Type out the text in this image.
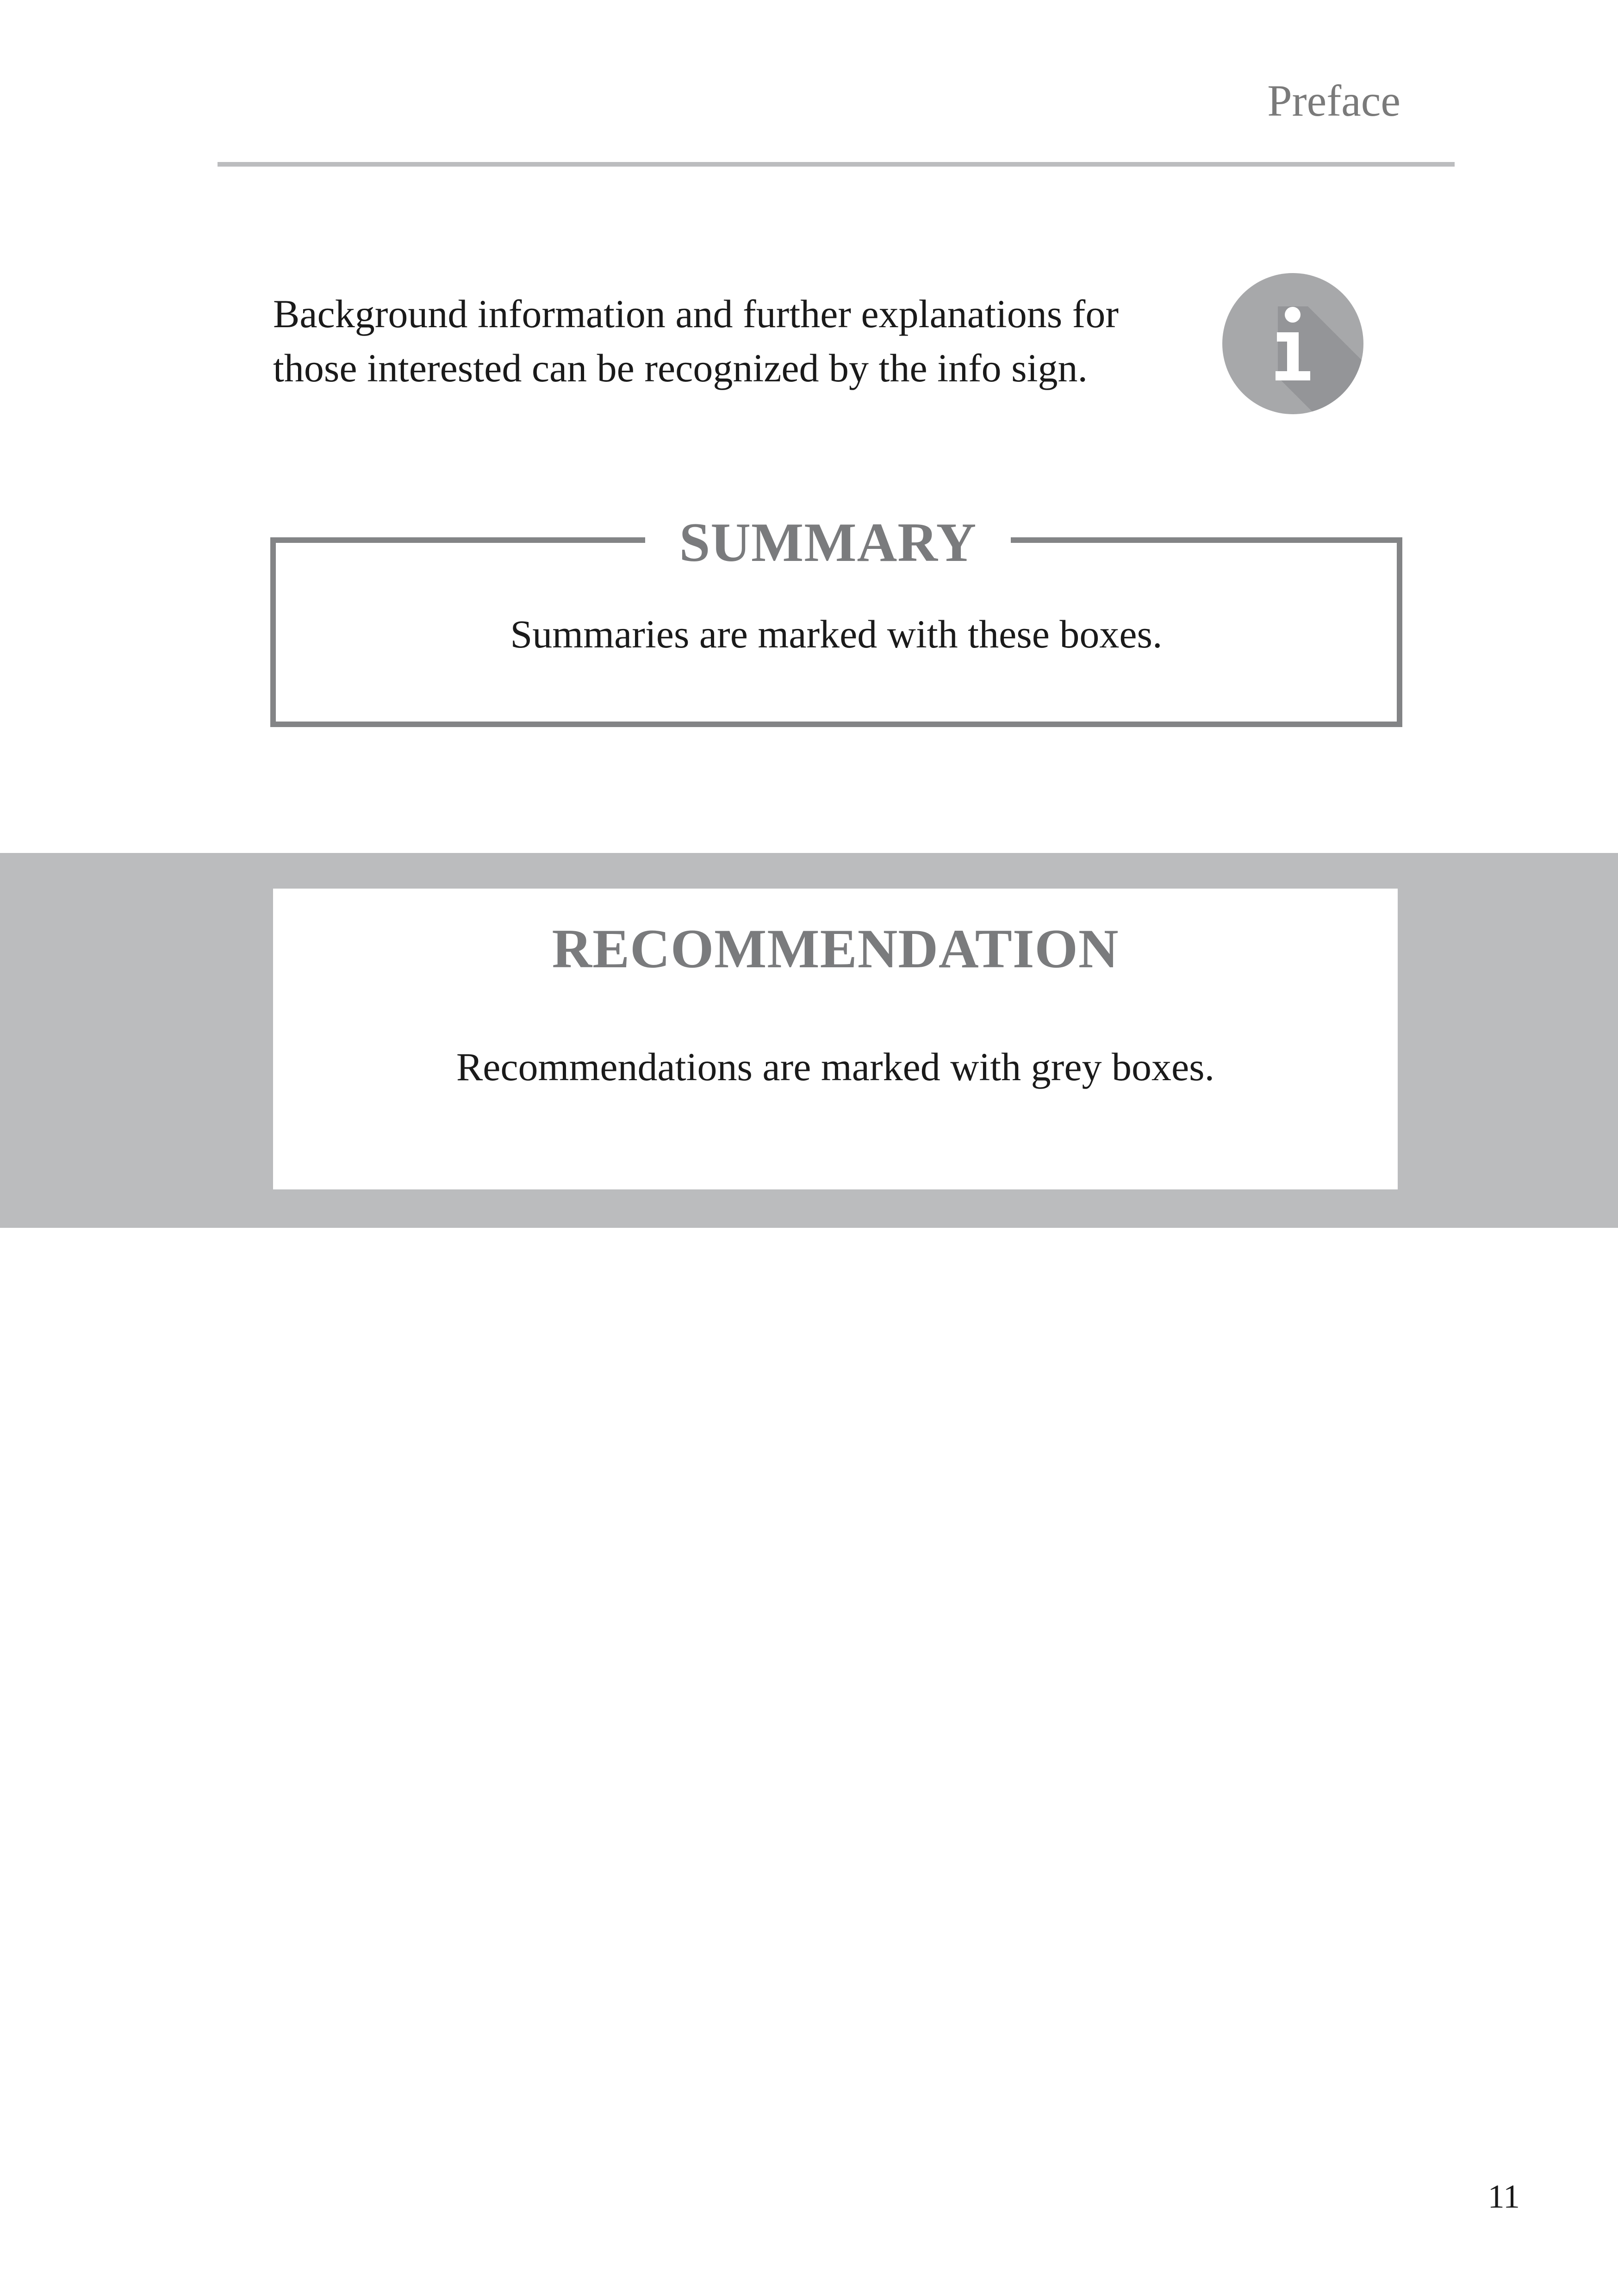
Preface
Background information and further explanations for
those interested can be recognized by the info sign.
i
SUMMARY
Summaries are marked with these boxes.
RECOMMENDATION
Recommendations are marked with grey boxes.
11
